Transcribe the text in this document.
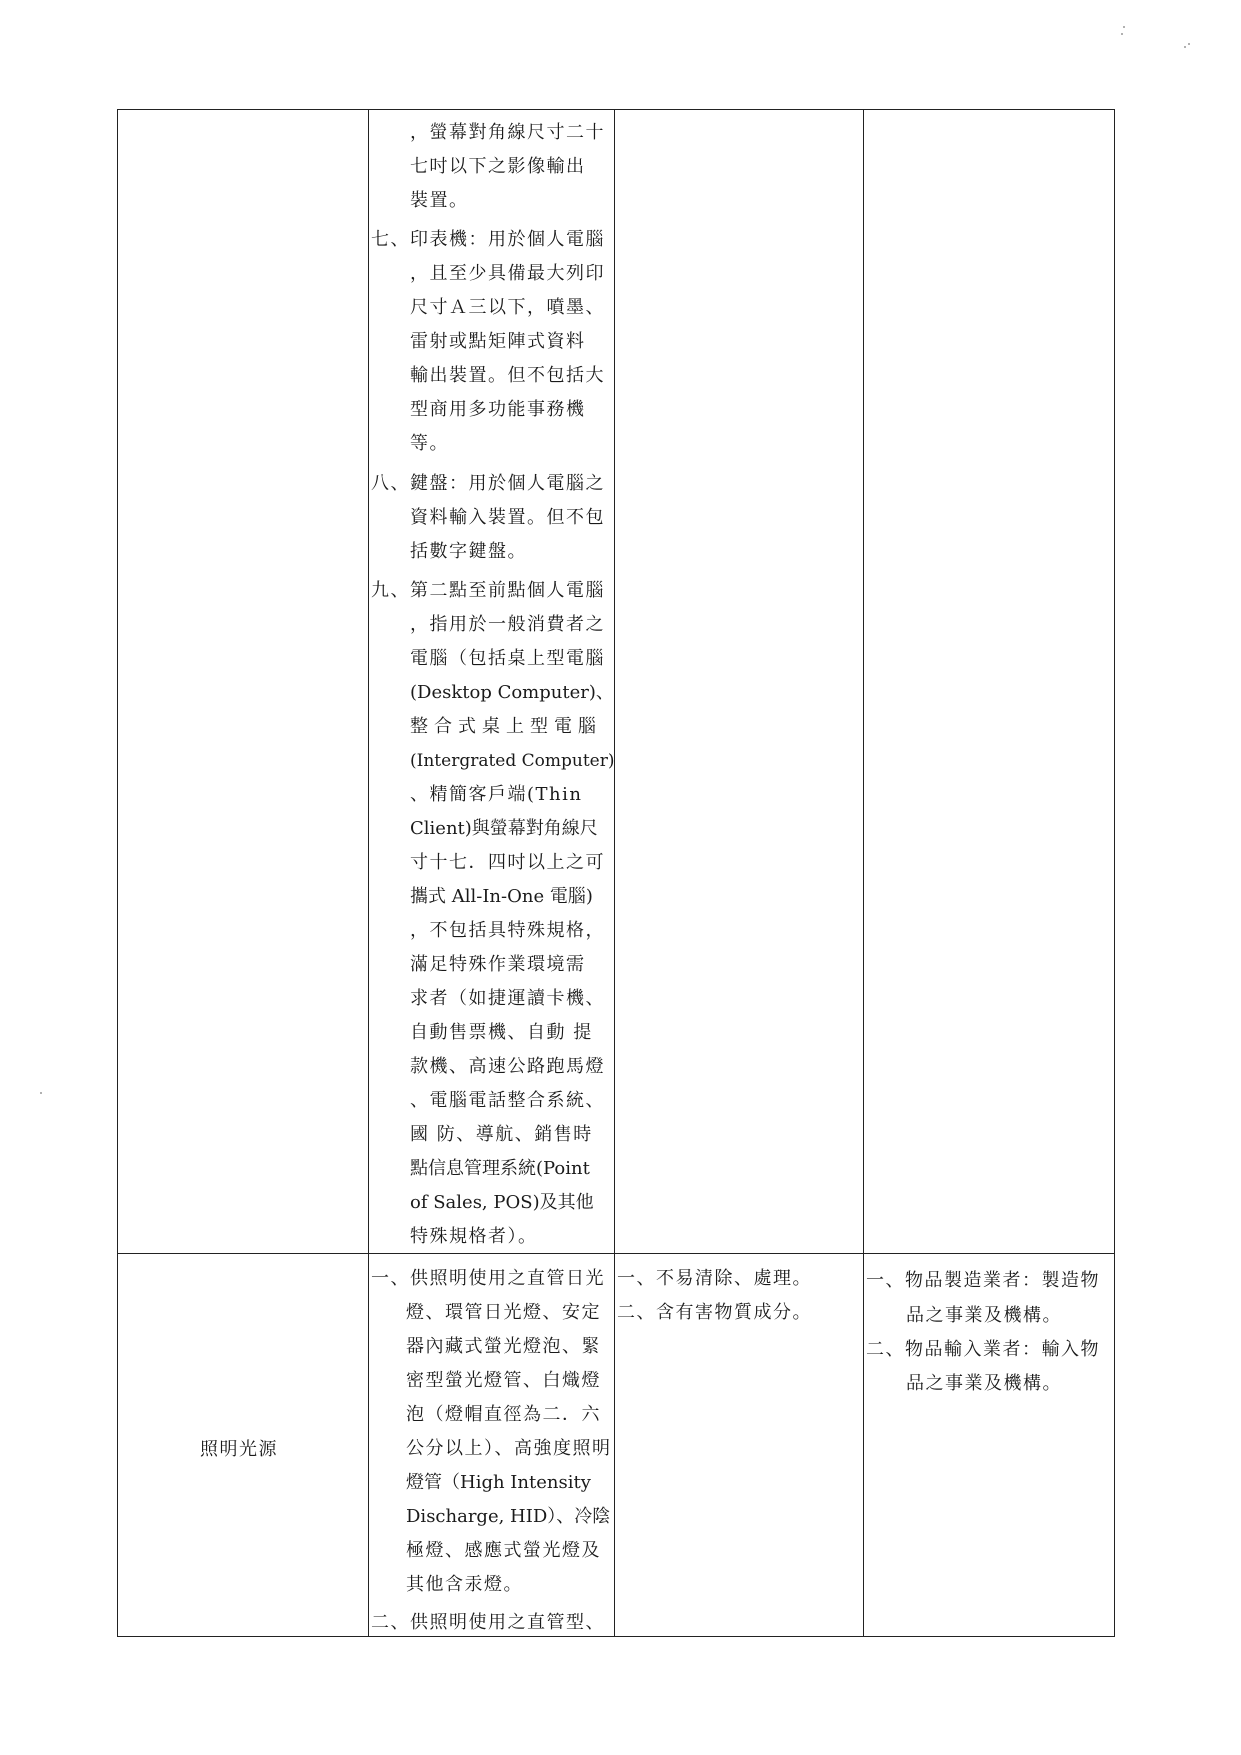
照明光源
，螢幕對角線尺寸二十
七吋以下之影像輸出
裝置。
七、印表機：用於個人電腦
，且至少具備最大列印
尺寸Ａ三以下，噴墨、
雷射或點矩陣式資料
輸出裝置。但不包括大
型商用多功能事務機
等。
八、鍵盤：用於個人電腦之
資料輸入裝置。但不包
括數字鍵盤。
九、第二點至前點個人電腦
，指用於一般消費者之
電腦（包括桌上型電腦
(Desktop Computer)、
整合式桌上型電腦
(Intergrated Computer)
、精簡客戶端(Thin
Client)與螢幕對角線尺
寸十七．四吋以上之可
攜式 All-In-One 電腦)
，不包括具特殊規格，
滿足特殊作業環境需
求者（如捷運讀卡機、
自動售票機、自動 提
款機、高速公路跑馬燈
、電腦電話整合系統、
國 防、導航、銷售時
點信息管理系統(Point
of Sales, POS)及其他
特殊規格者）。
一、供照明使用之直管日光
燈、環管日光燈、安定
器內藏式螢光燈泡、緊
密型螢光燈管、白熾燈
泡（燈帽直徑為二．六
公分以上）、高強度照明
燈管（High Intensity
Discharge, HID）、冷陰
極燈、感應式螢光燈及
其他含汞燈。
二、供照明使用之直管型、
一、不易清除、處理。
二、含有害物質成分。
一、物品製造業者：製造物
品之事業及機構。
二、物品輸入業者：輸入物
品之事業及機構。
